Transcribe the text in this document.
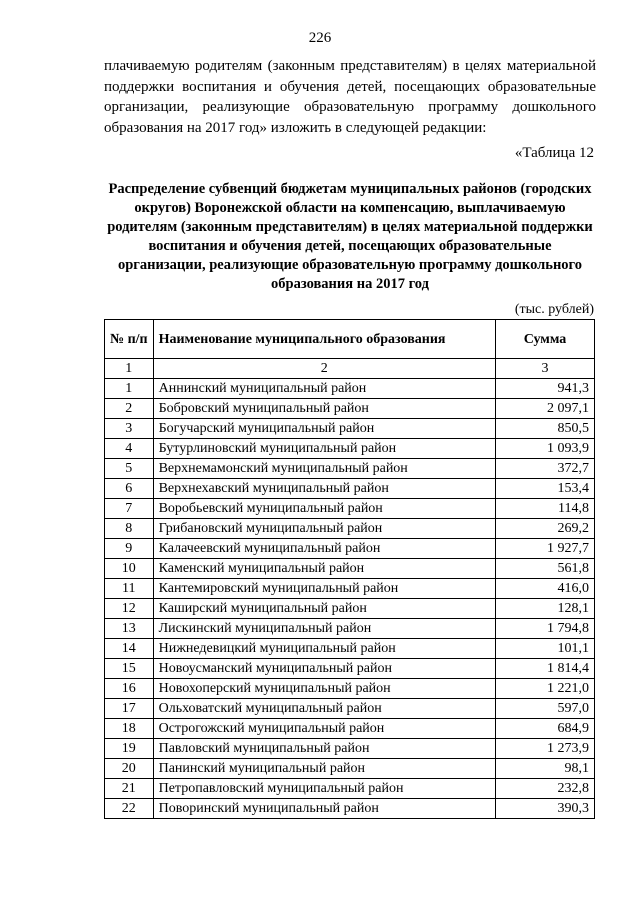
226
плачиваемую родителям (законным представителям) в целях материальной поддержки воспитания и обучения детей, посещающих образовательные организации, реализующие образовательную программу дошкольного образования на 2017 год» изложить в следующей редакции:
«Таблица 12
Распределение субвенций бюджетам муниципальных районов (городских округов) Воронежской области на компенсацию, выплачиваемую родителям (законным представителям) в целях материальной поддержки воспитания и обучения детей, посещающих образовательные организации, реализующие образовательную программу дошкольного образования на 2017 год
(тыс. рублей)
№ п/п	Наименование муниципального образования	Сумма
1	2	3
1	Аннинский муниципальный район	941,3
2	Бобровский муниципальный район	2 097,1
3	Богучарский муниципальный район	850,5
4	Бутурлиновский муниципальный район	1 093,9
5	Верхнемамонский муниципальный район	372,7
6	Верхнехавский муниципальный район	153,4
7	Воробьевский муниципальный район	114,8
8	Грибановский муниципальный район	269,2
9	Калачеевский муниципальный район	1 927,7
10	Каменский муниципальный район	561,8
11	Кантемировский муниципальный район	416,0
12	Каширский муниципальный район	128,1
13	Лискинский муниципальный район	1 794,8
14	Нижнедевицкий муниципальный район	101,1
15	Новоусманский муниципальный район	1 814,4
16	Новохоперский муниципальный район	1 221,0
17	Ольховатский муниципальный район	597,0
18	Острогожский муниципальный район	684,9
19	Павловский муниципальный район	1 273,9
20	Панинский муниципальный район	98,1
21	Петропавловский муниципальный район	232,8
22	Поворинский муниципальный район	390,3
